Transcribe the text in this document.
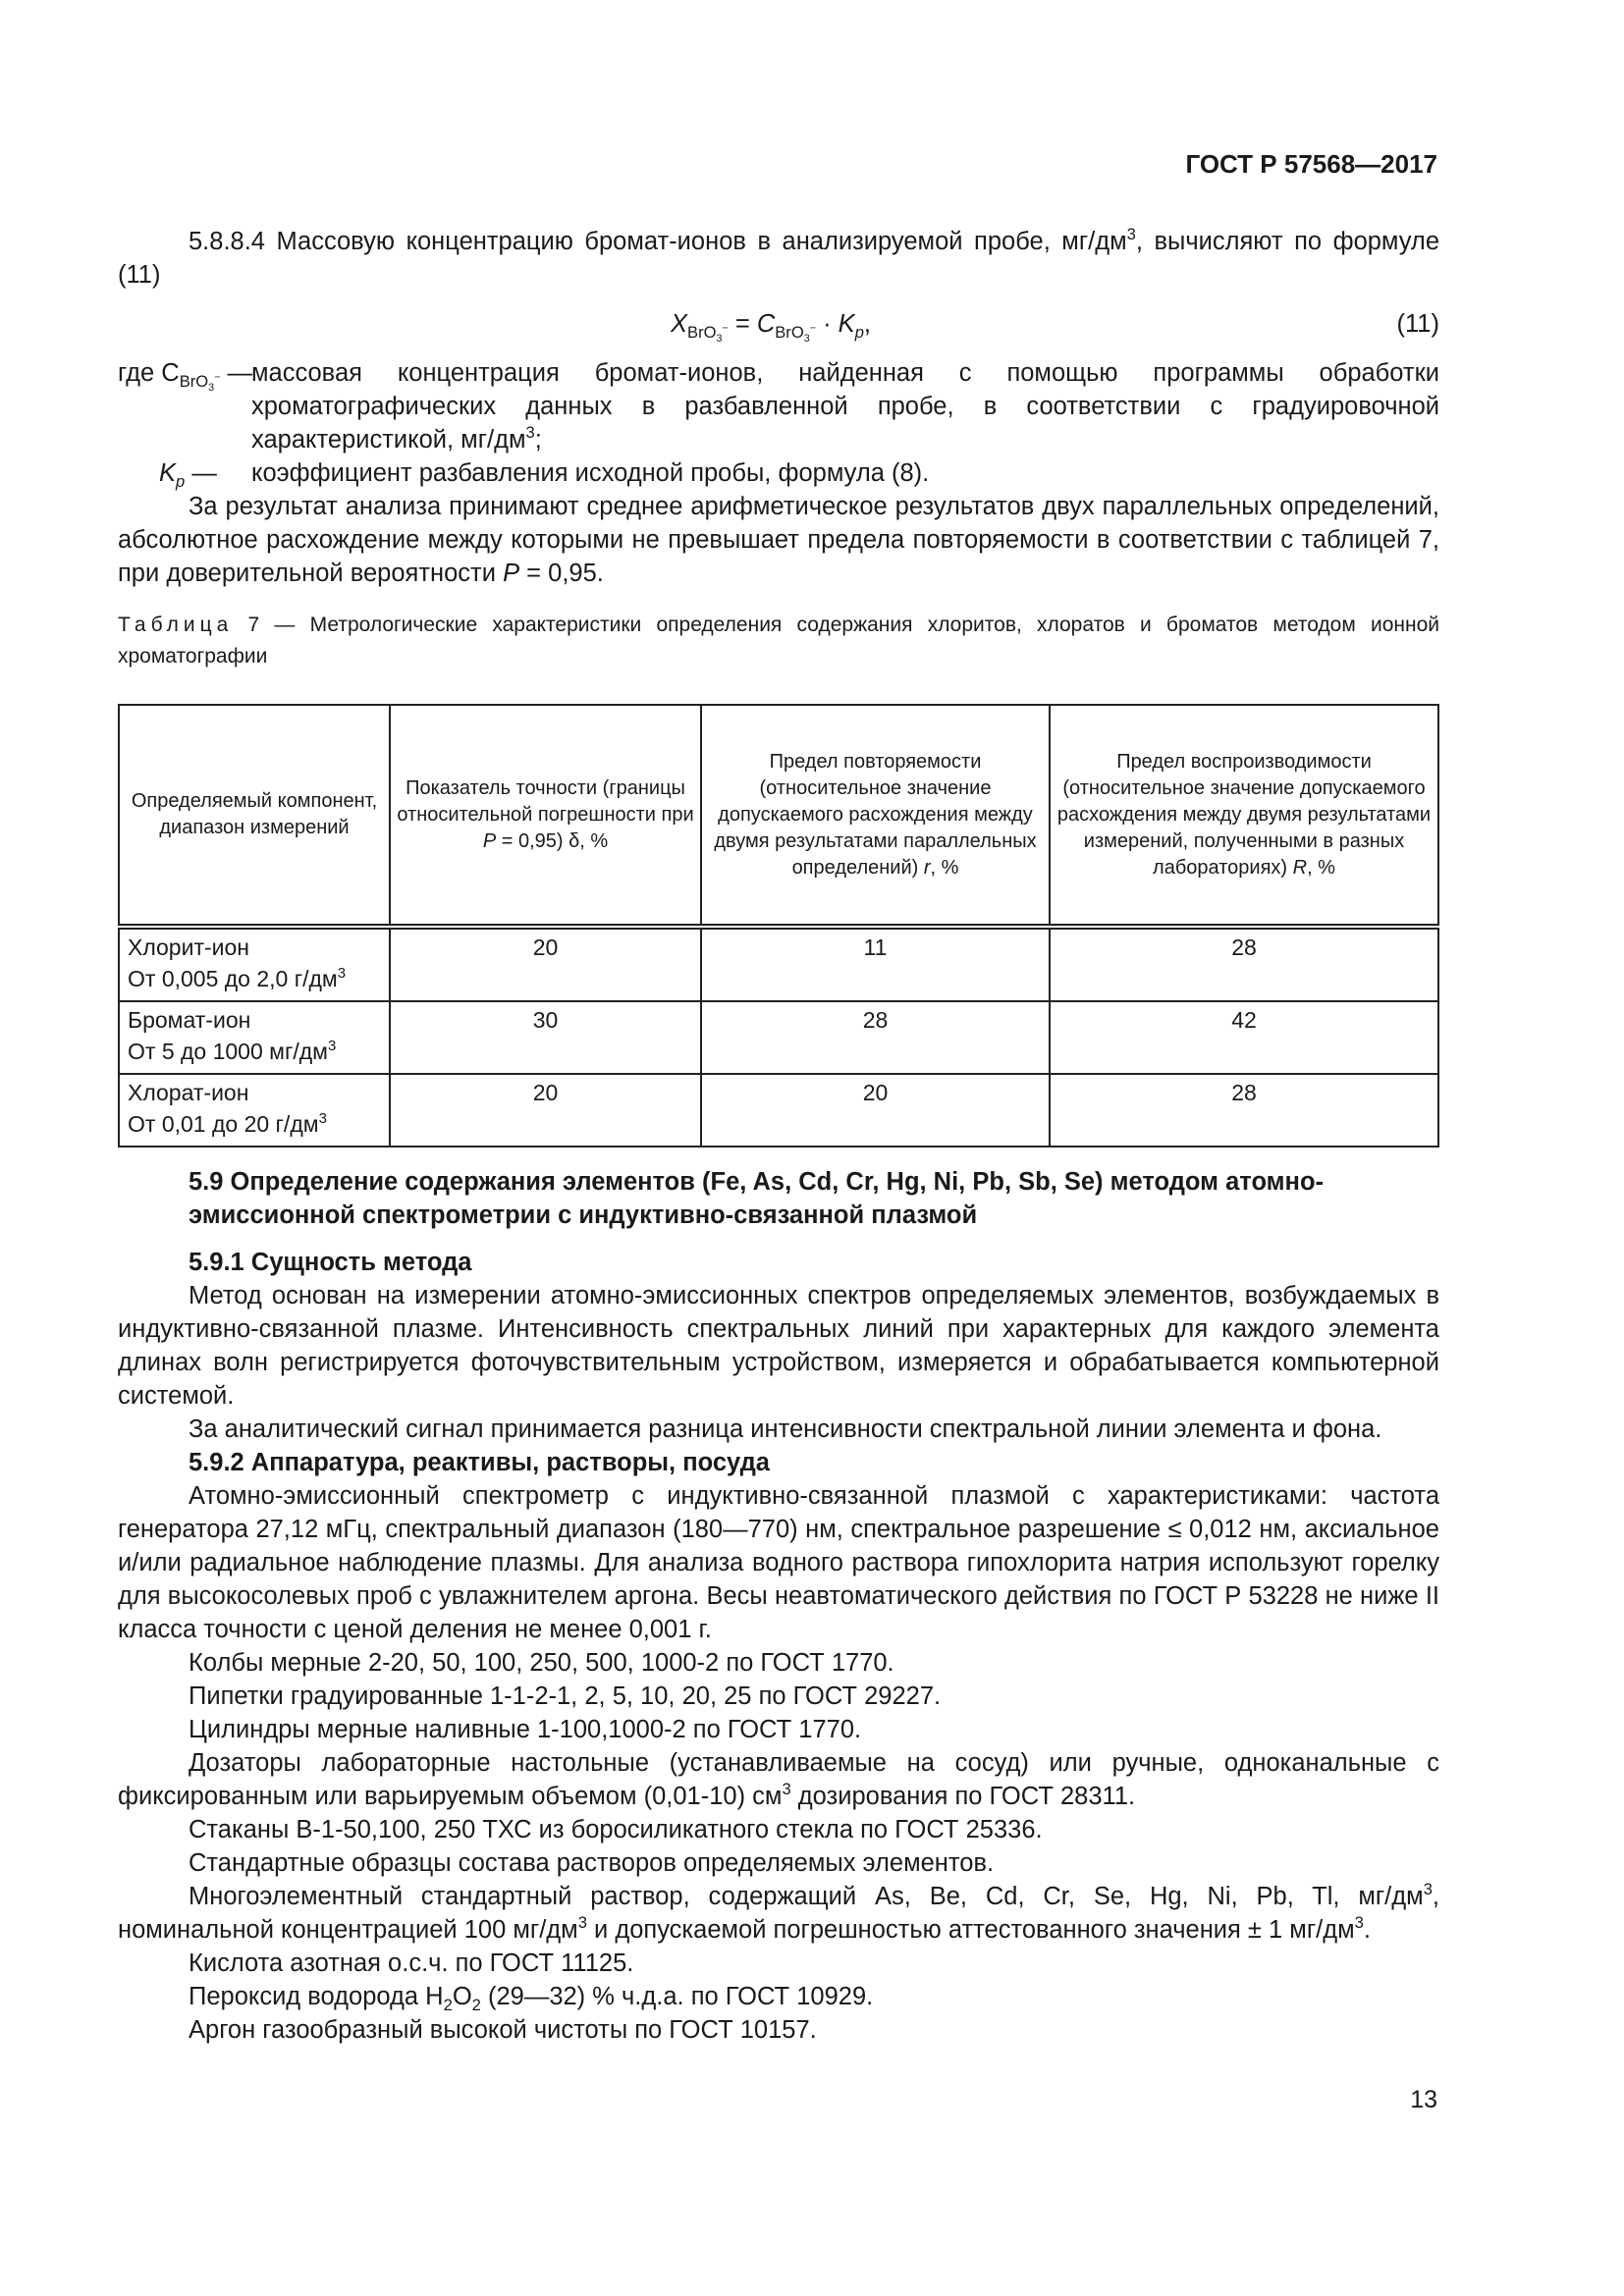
ГОСТ Р 57568—2017

5.8.8.4 Массовую концентрацию бромат-ионов в анализируемой пробе, $мг/дм^3$, вычисляют по формуле (11)

$X_{BrO_3^-} = C_{BrO_3^-} \cdot K_p$,	(11)
где $C_{BrO_3^-}$ —
массовая концентрация бромат-ионов, найденная с помощью программы обработки хроматографических данных в разбавленной пробе, в соответствии с градуировочной характеристикой, $мг/дм^3$;
$K_p$ —	коэффициент разбавления исходной пробы, формула (8).

За результат анализа принимают среднее арифметическое результатов двух параллельных определений, абсолютное расхождение между которыми не превышает предела повторяемости в соответствии с таблицей 7, при доверительной вероятности P = 0,95.

Таблица 7 — Метрологические характеристики определения содержания хлоритов, хлоратов и броматов методом ионной хроматографии

Определяемый компонент, диапазон измерений	Показатель точности (границы относительной погрешности при P = 0,95) δ, %	Предел повторяемости (относительное значение допускаемого расхождения между двумя результатами параллельных определений) r, %	Предел воспроизводимости (относительное значение допускаемого расхождения между двумя результатами измерений, полученными в разных лабораториях) R, %
Хлорит-ион
От 0,005 до 2,0 $г/дм^3$	20	11	28
Бромат-ион
От 5 до 1000 $мг/дм^3$	30	28	42
Хлорат-ион
От 0,01 до 20 $г/дм^3$	20	20	28
5.9 Определение содержания элементов (Fe, As, Cd, Cr, Hg, Ni, Pb, Sb, Se) методом атомно-эмиссионной спектрометрии с индуктивно-связанной плазмой
5.9.1 Сущность метода

Метод основан на измерении атомно-эмиссионных спектров определяемых элементов, возбуждаемых в индуктивно-связанной плазме. Интенсивность спектральных линий при характерных для каждого элемента длинах волн регистрируется фоточувствительным устройством, измеряется и обрабатывается компьютерной системой.

За аналитический сигнал принимается разница интенсивности спектральной линии элемента и фона.

5.9.2 Аппаратура, реактивы, растворы, посуда

Атомно-эмиссионный спектрометр с индуктивно-связанной плазмой с характеристиками: частота генератора 27,12 мГц, спектральный диапазон (180—770) нм, спектральное разрешение ≤ 0,012 нм, аксиальное и/или радиальное наблюдение плазмы. Для анализа водного раствора гипохлорита натрия используют горелку для высокосолевых проб с увлажнителем аргона. Весы неавтоматического действия по ГОСТ Р 53228 не ниже II класса точности с ценой деления не менее 0,001 г.

Колбы мерные 2-20, 50, 100, 250, 500, 1000-2 по ГОСТ 1770.

Пипетки градуированные 1-1-2-1, 2, 5, 10, 20, 25 по ГОСТ 29227.

Цилиндры мерные наливные 1-100,1000-2 по ГОСТ 1770.

Дозаторы лабораторные настольные (устанавливаемые на сосуд) или ручные, одноканальные с фиксированным или варьируемым объемом (0,01-10) $см^3$ дозирования по ГОСТ 28311.

Стаканы В-1-50,100, 250 ТХС из боросиликатного стекла по ГОСТ 25336.

Стандартные образцы состава растворов определяемых элементов.

Многоэлементный стандартный раствор, содержащий As, Be, Cd, Cr, Se, Hg, Ni, Pb, Tl, $мг/дм^3$, номинальной концентрацией 100 $мг/дм^3$ и допускаемой погрешностью аттестованного значения ± 1 $мг/дм^3$.

Кислота азотная о.с.ч. по ГОСТ 11125.

Пероксид водорода $H_2O_2$ (29—32) % ч.д.а. по ГОСТ 10929.

Аргон газообразный высокой чистоты по ГОСТ 10157.

13
